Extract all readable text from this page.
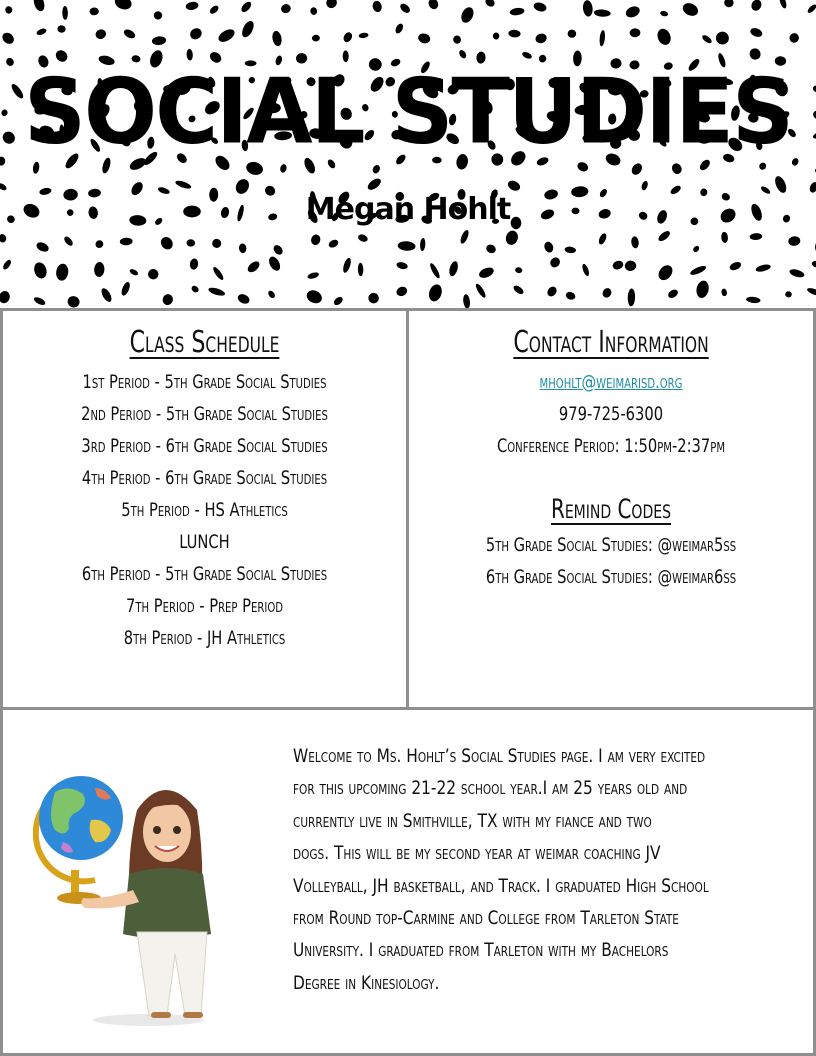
SOCIAL STUDIES
Megan Hohlt
Class Schedule
1st Period - 5th Grade Social Studies
2nd Period - 5th Grade Social Studies
3rd Period - 6th Grade Social Studies
4th Period - 6th Grade Social Studies
5th Period - HS Athletics
LUNCH
6th Period - 5th Grade Social Studies
7th Period - Prep Period
8th Period - JH Athletics
Contact Information
mhohlt@weimarisd.org
979-725-6300
Conference Period: 1:50pm-2:37pm
Remind Codes
5th Grade Social Studies: @weimar5ss
6th Grade Social Studies: @weimar6ss
Welcome to Ms. Hohlt’s Social Studies page. I am very excited
for this upcoming 21-22 school year.I am 25 years old and
currently live in Smithville, TX with my fiance and two
dogs. This will be my second year at weimar coaching JV
Volleyball, JH basketball, and Track. I graduated High School
from Round top-Carmine and College from Tarleton State
University. I graduated from Tarleton with my Bachelors
Degree in Kinesiology.
